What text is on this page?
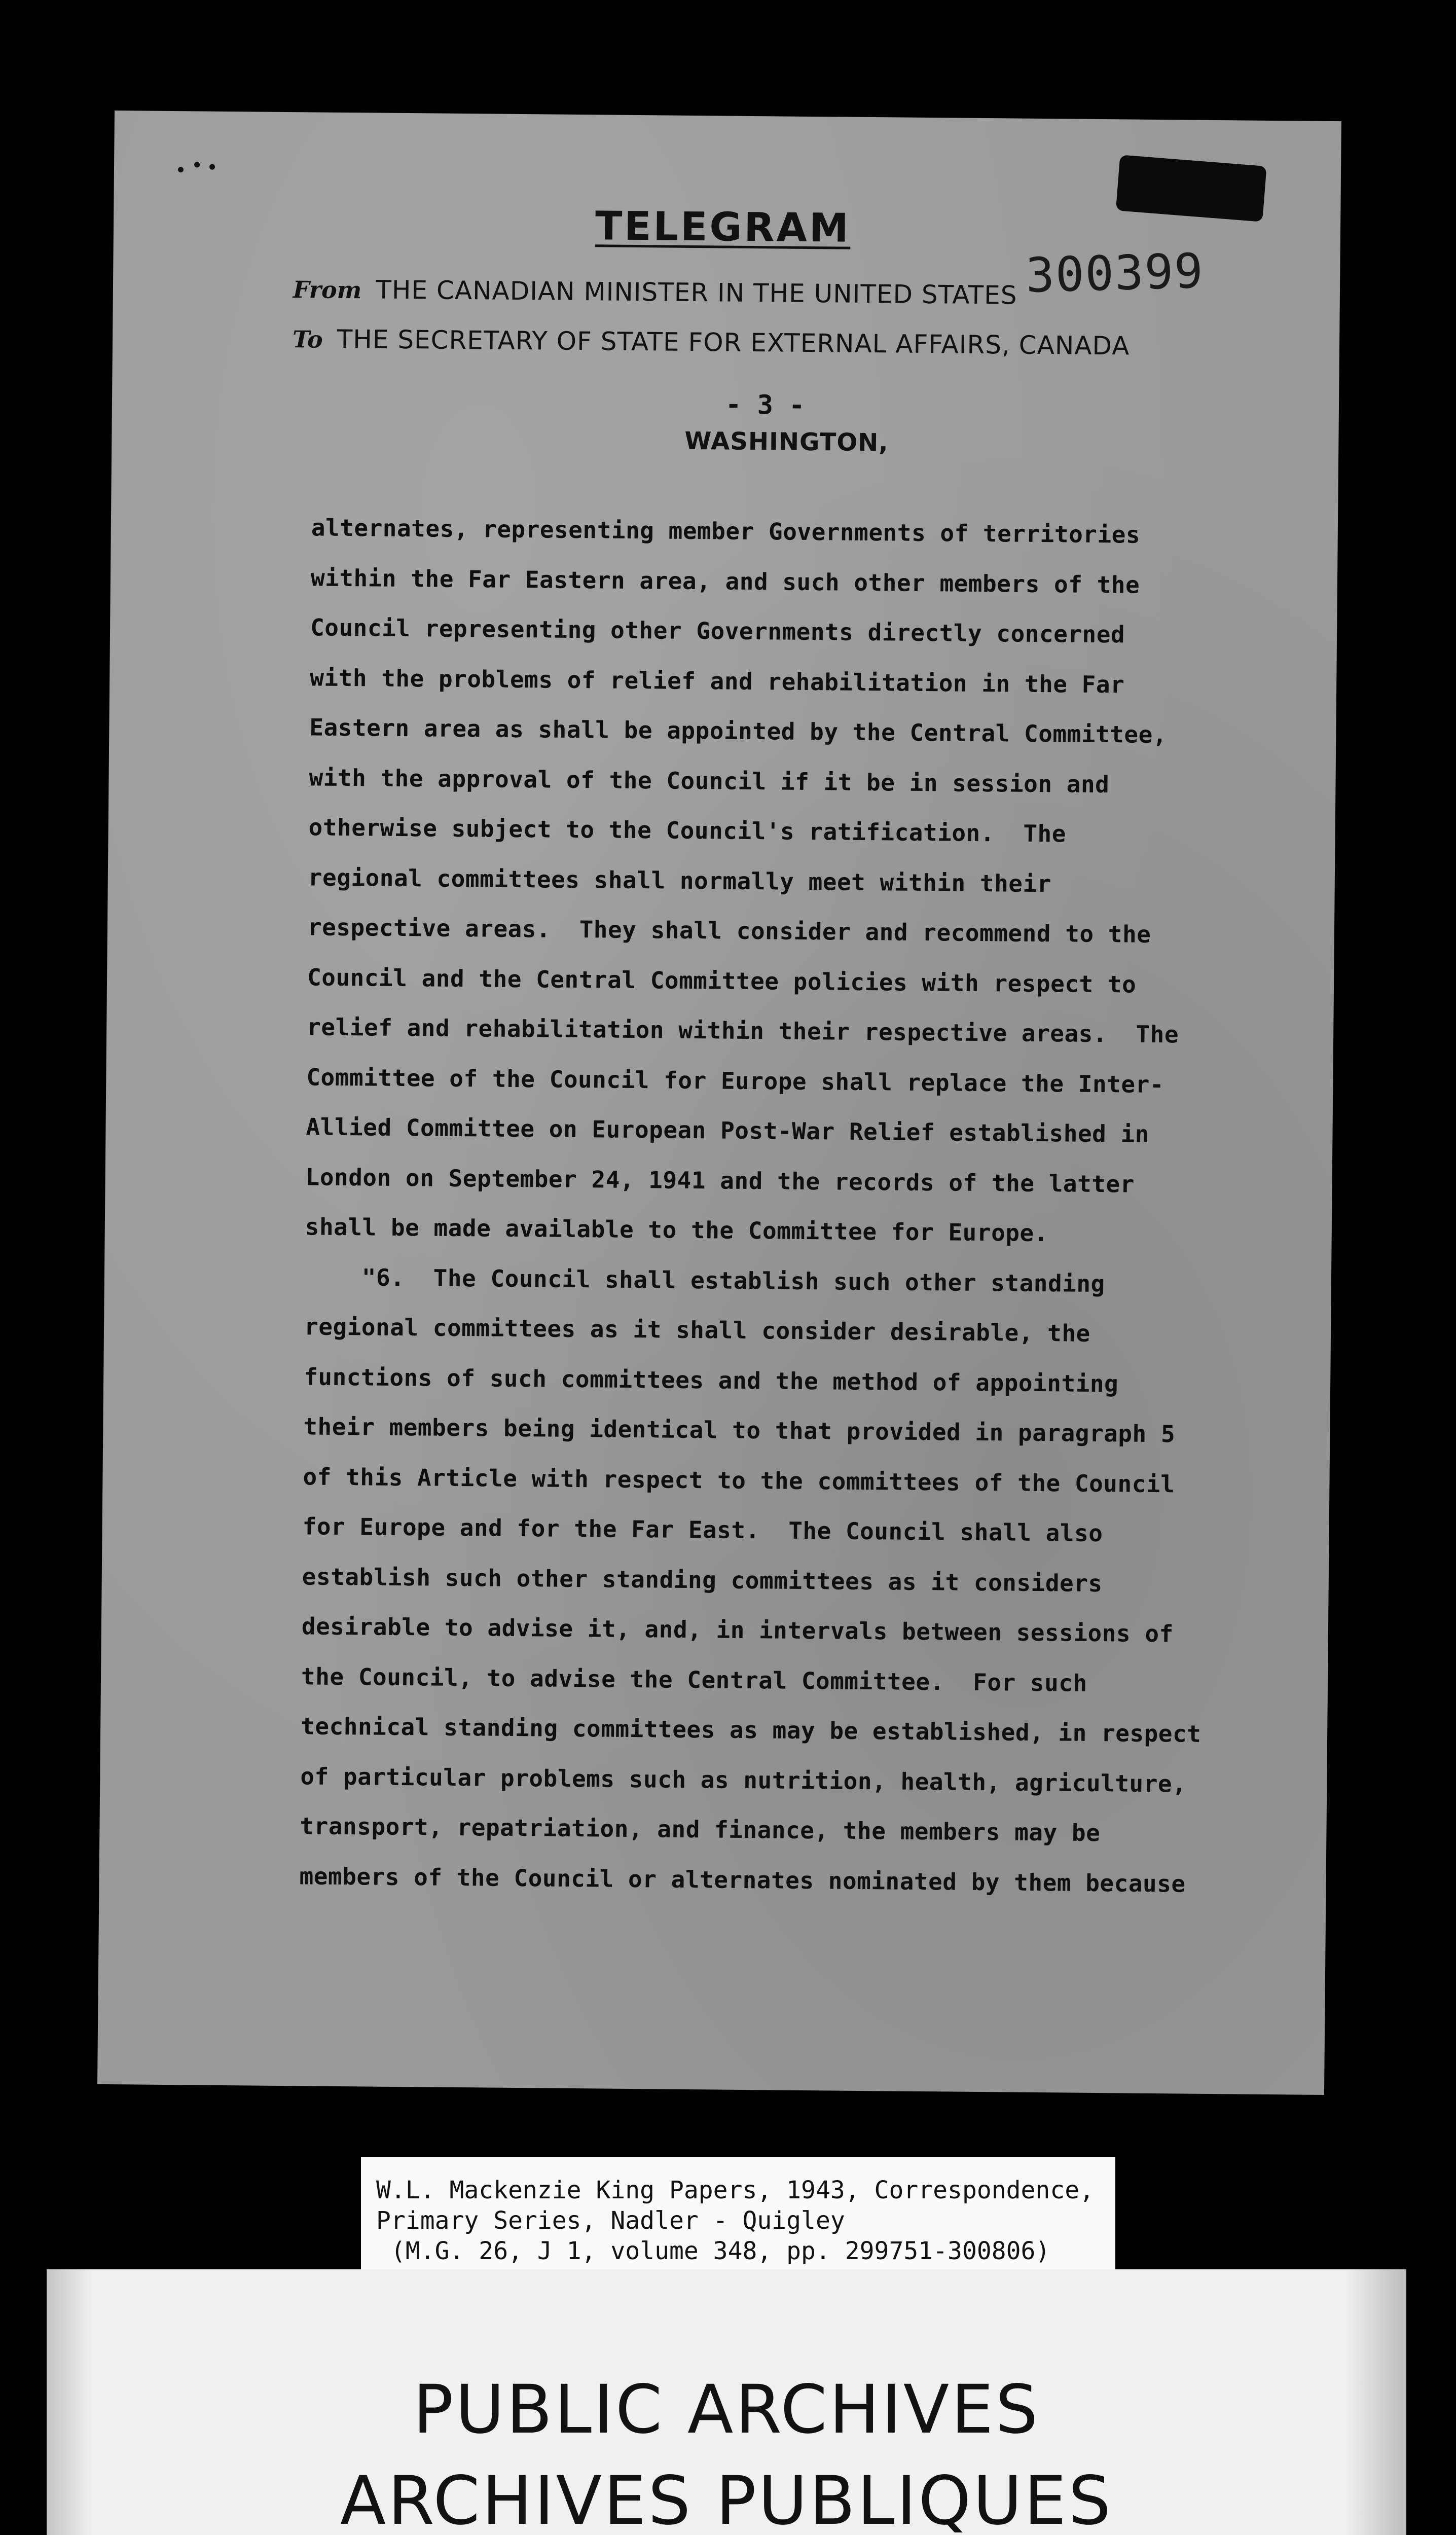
300399
TELEGRAM
From THE CANADIAN MINISTER IN THE UNITED STATES
To THE SECRETARY OF STATE FOR EXTERNAL AFFAIRS, CANADA
- 3 -
WASHINGTON,
alternates, representing member Governments of territories
within the Far Eastern area, and such other members of the
Council representing other Governments directly concerned
with the problems of relief and rehabilitation in the Far
Eastern area as shall be appointed by the Central Committee,
with the approval of the Council if it be in session and
otherwise subject to the Council's ratification.  The
regional committees shall normally meet within their
respective areas.  They shall consider and recommend to the
Council and the Central Committee policies with respect to
relief and rehabilitation within their respective areas.  The
Committee of the Council for Europe shall replace the Inter-
Allied Committee on European Post-War Relief established in
London on September 24, 1941 and the records of the latter
shall be made available to the Committee for Europe.
"6.  The Council shall establish such other standing
regional committees as it shall consider desirable, the
functions of such committees and the method of appointing
their members being identical to that provided in paragraph 5
of this Article with respect to the committees of the Council
for Europe and for the Far East.  The Council shall also
establish such other standing committees as it considers
desirable to advise it, and, in intervals between sessions of
the Council, to advise the Central Committee.  For such
technical standing committees as may be established, in respect
of particular problems such as nutrition, health, agriculture,
transport, repatriation, and finance, the members may be
members of the Council or alternates nominated by them because
W.L. Mackenzie King Papers, 1943, Correspondence,
Primary Series, Nadler - Quigley
(M.G. 26, J 1, volume 348, pp. 299751-300806)
PUBLIC ARCHIVES
ARCHIVES PUBLIQUES
